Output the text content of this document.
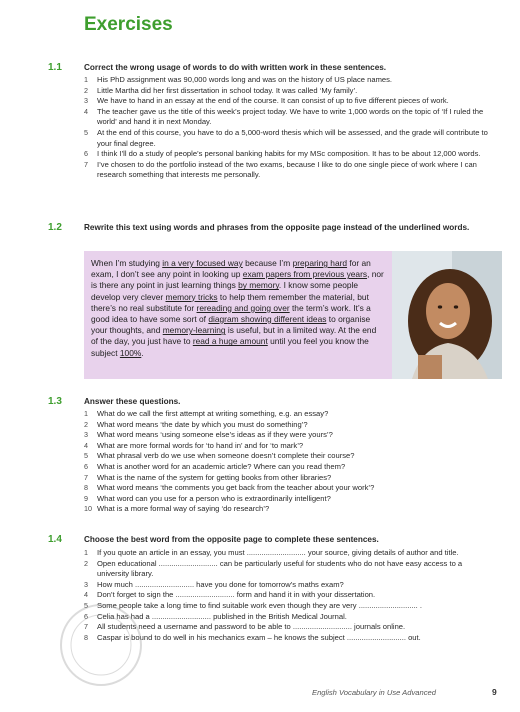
Exercises
1.1	Correct the wrong usage of words to do with written work in these sentences.
1 His PhD assignment was 90,000 words long and was on the history of US place names.
2 Little Martha did her first dissertation in school today. It was called ‘My family’.
3 We have to hand in an essay at the end of the course. It can consist of up to five different pieces of work.
4 The teacher gave us the title of this week’s project today. We have to write 1,000 words on the topic of ‘If I ruled the world’ and hand it in next Monday.
5 At the end of this course, you have to do a 5,000-word thesis which will be assessed, and the grade will contribute to your final degree.
6 I think I’ll do a study of people’s personal banking habits for my MSc composition. It has to be about 12,000 words.
7 I’ve chosen to do the portfolio instead of the two exams, because I like to do one single piece of work where I can research something that interests me personally.
1.2	Rewrite this text using words and phrases from the opposite page instead of the underlined words.
When I’m studying in a very focused way because I’m preparing hard for an exam, I don’t see any point in looking up exam papers from previous years, nor is there any point in just learning things by memory. I know some people develop very clever memory tricks to help them remember the material, but there’s no real substitute for rereading and going over the term’s work. It’s a good idea to have some sort of diagram showing different ideas to organise your thoughts, and memory-learning is useful, but in a limited way. At the end of the day, you just have to read a huge amount until you feel you know the subject 100%.
1.3	Answer these questions.
1 What do we call the first attempt at writing something, e.g. an essay?
2 What word means ‘the date by which you must do something’?
3 What word means ‘using someone else’s ideas as if they were yours’?
4 What are more formal words for ‘to hand in’ and for ‘to mark’?
5 What phrasal verb do we use when someone doesn’t complete their course?
6 What is another word for an academic article? Where can you read them?
7 What is the name of the system for getting books from other libraries?
8 What word means ‘the comments you get back from the teacher about your work’?
9 What word can you use for a person who is extraordinarily intelligent?
10 What is a more formal way of saying ‘do research’?
1.4	Choose the best word from the opposite page to complete these sentences.
1 If you quote an article in an essay, you must ............................ your source, giving details of author and title.
2 Open educational ............................ can be particularly useful for students who do not have easy access to a university library.
3 How much ............................ have you done for tomorrow’s maths exam?
4 Don’t forget to sign the ............................ form and hand it in with your dissertation.
5 Some people take a long time to find suitable work even though they are very ............................ .
6 Celia has had a ............................ published in the British Medical Journal.
7 All students need a username and password to be able to ............................ journals online.
8 Caspar is bound to do well in his mechanics exam – he knows the subject ............................ out.
English Vocabulary in Use Advanced	9
